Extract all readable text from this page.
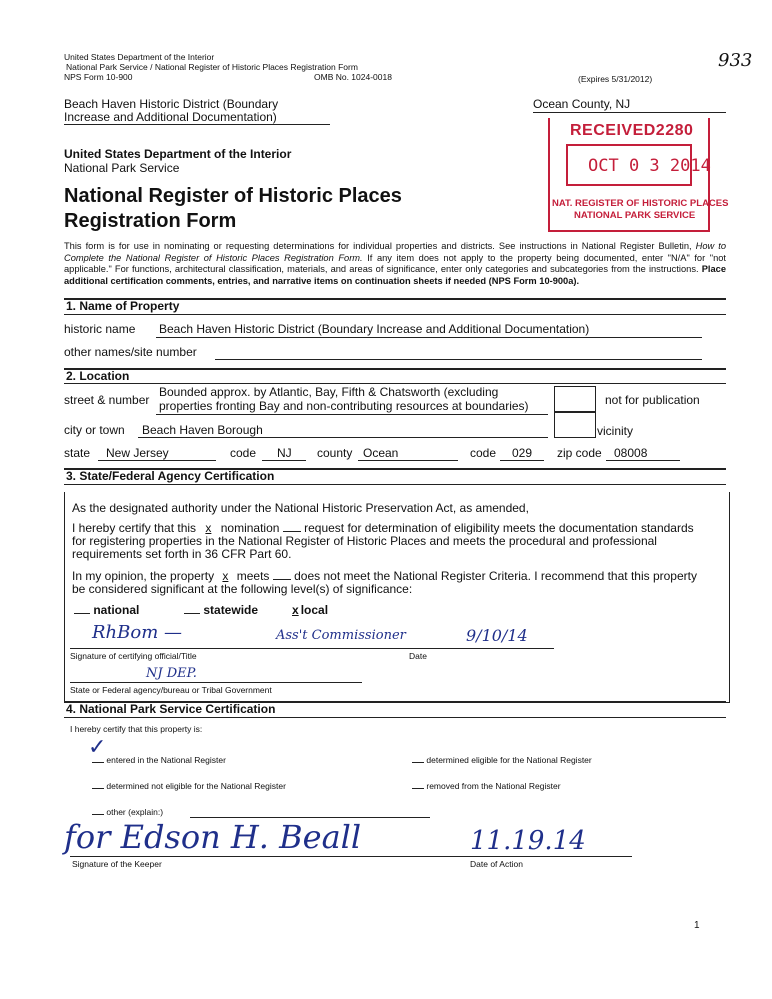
United States Department of the Interior
National Park Service / National Register of Historic Places Registration Form
NPS Form 10-900	OMB No. 1024-0018	(Expires 5/31/2012)
933
Beach Haven Historic District (Boundary
Increase and Additional Documentation)
Ocean County, NJ
RECEIVED2280
OCT 0 3 2014
NAT. REGISTER OF HISTORIC PLACES
NATIONAL PARK SERVICE
United States Department of the Interior
National Park Service
National Register of Historic Places
Registration Form
This form is for use in nominating or requesting determinations for individual properties and districts. See instructions in National Register Bulletin, How to Complete the National Register of Historic Places Registration Form. If any item does not apply to the property being documented, enter "N/A" for "not applicable." For functions, architectural classification, materials, and areas of significance, enter only categories and subcategories from the instructions. Place additional certification comments, entries, and narrative items on continuation sheets if needed (NPS Form 10-900a).
1. Name of Property
historic name Beach Haven Historic District (Boundary Increase and Additional Documentation)
other names/site number
2. Location
street & number
Bounded approx. by Atlantic, Bay, Fifth & Chatsworth (excluding
properties fronting Bay and non-contributing resources at boundaries)	not for publication
city or town Beach Haven Borough	vicinity
state New Jersey	code NJ county Ocean	code 029 zip code 08008
3. State/Federal Agency Certification
As the designated authority under the National Historic Preservation Act, as amended,
I hereby certify that this x nomination  request for determination of eligibility meets the documentation standards
for registering properties in the National Register of Historic Places and meets the procedural and professional
requirements set forth in 36 CFR Part 60.
In my opinion, the property x meets  does not meet the National Register Criteria. I recommend that this property
be considered significant at the following level(s) of significance:
national	statewide	x local
RhBom —	Ass't Commissioner	9/10/14
Signature of certifying official/Title	Date
NJ DEP.
State or Federal agency/bureau or Tribal Government
4. National Park Service Certification
I hereby certify that this property is:
✓ entered in the National Register	determined eligible for the National Register
determined not eligible for the National Register	removed from the National Register
other (explain:)
for Edson H. Beall	11.19.14
Signature of the Keeper	Date of Action
1
